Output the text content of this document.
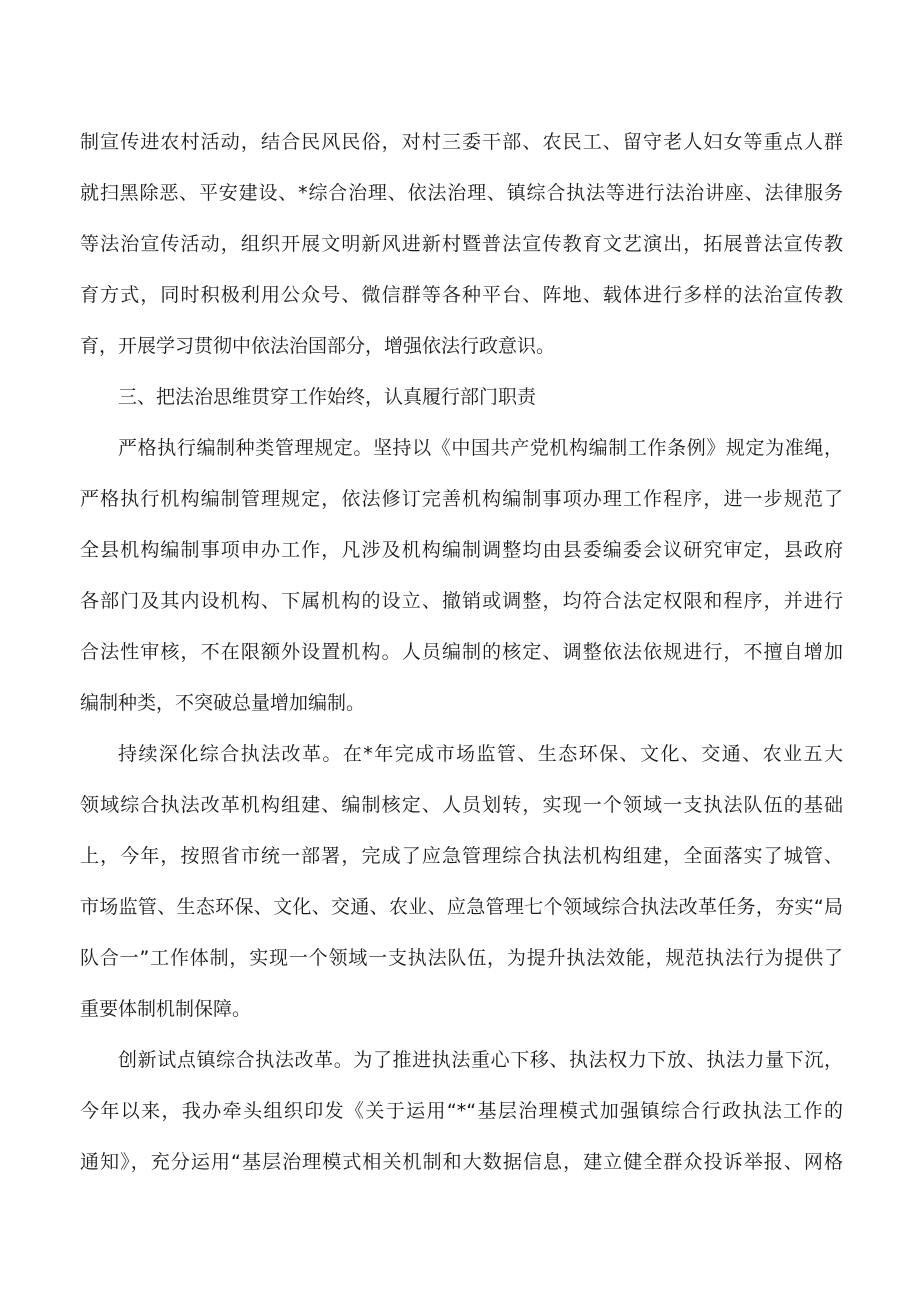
制宣传进农村活动，结合民风民俗，对村三委干部、农民工、留守老人妇女等重点人群
就扫黑除恶、平安建设、*综合治理、依法治理、镇综合执法等进行法治讲座、法律服务
等法治宣传活动，组织开展文明新风进新村暨普法宣传教育文艺演出，拓展普法宣传教
育方式，同时积极利用公众号、微信群等各种平台、阵地、载体进行多样的法治宣传教
育，开展学习贯彻中依法治国部分，增强依法行政意识。
三、把法治思维贯穿工作始终，认真履行部门职责
严格执行编制种类管理规定。坚持以《中国共产党机构编制工作条例》规定为准绳，
严格执行机构编制管理规定，依法修订完善机构编制事项办理工作程序，进一步规范了
全县机构编制事项申办工作，凡涉及机构编制调整均由县委编委会议研究审定，县政府
各部门及其内设机构、下属机构的设立、撤销或调整，均符合法定权限和程序，并进行
合法性审核，不在限额外设置机构。人员编制的核定、调整依法依规进行，不擅自增加
编制种类，不突破总量增加编制。
持续深化综合执法改革。在*年完成市场监管、生态环保、文化、交通、农业五大
领域综合执法改革机构组建、编制核定、人员划转，实现一个领域一支执法队伍的基础
上，今年，按照省市统一部署，完成了应急管理综合执法机构组建，全面落实了城管、
市场监管、生态环保、文化、交通、农业、应急管理七个领域综合执法改革任务，夯实“局
队合一”工作体制，实现一个领域一支执法队伍，为提升执法效能，规范执法行为提供了
重要体制机制保障。
创新试点镇综合执法改革。为了推进执法重心下移、执法权力下放、执法力量下沉，
今年以来，我办牵头组织印发《关于运用“*“基层治理模式加强镇综合行政执法工作的
通知》，充分运用“基层治理模式相关机制和大数据信息，建立健全群众投诉举报、网格
